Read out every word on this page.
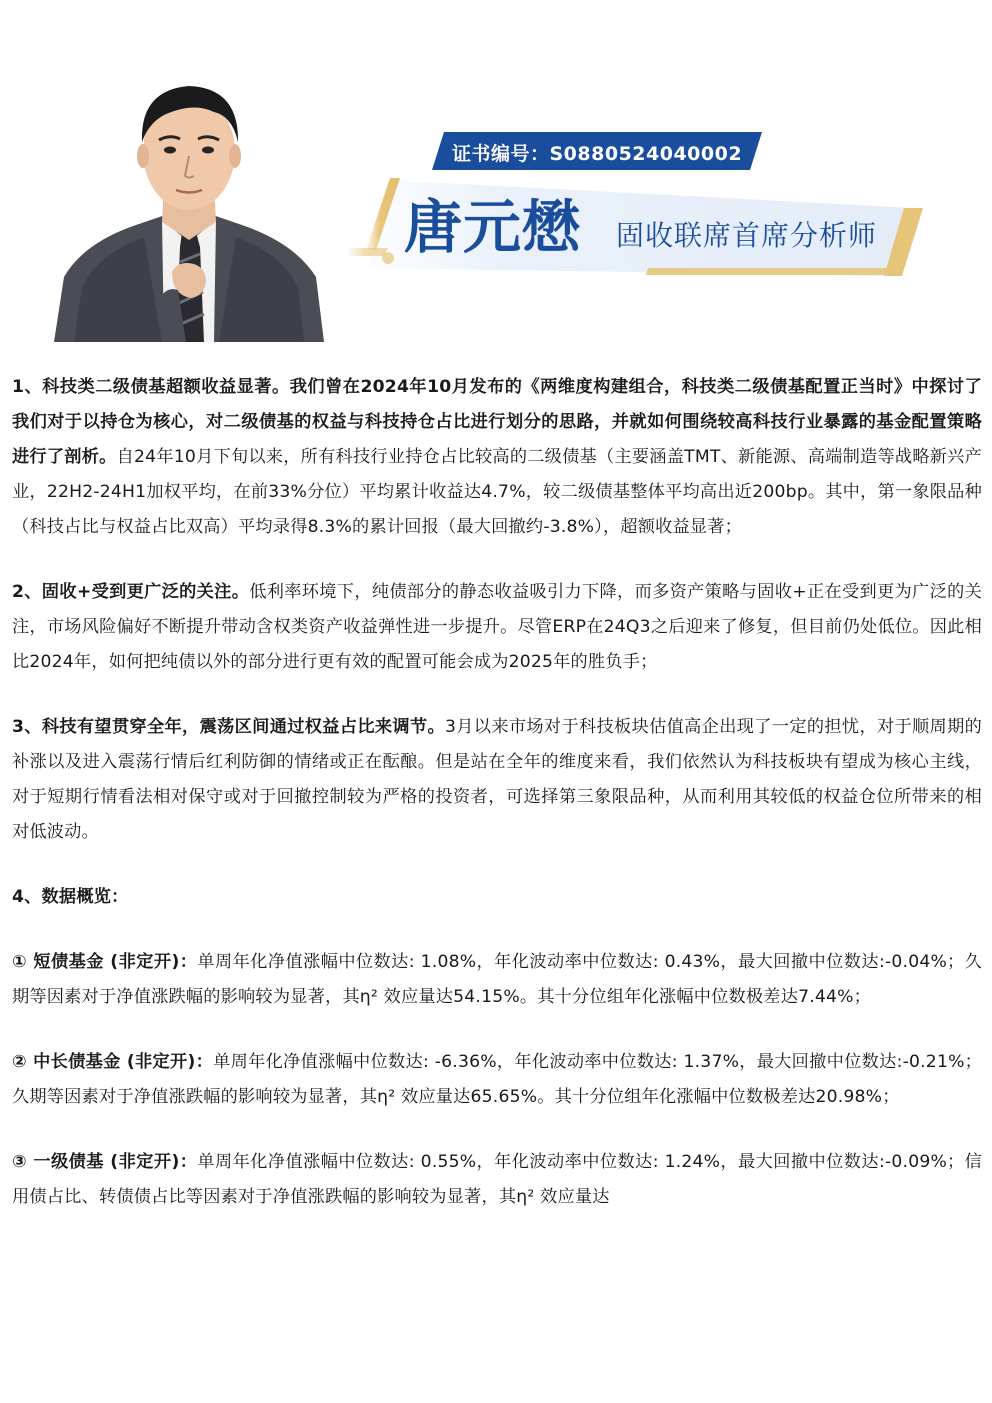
证书编号：S0880524040002
唐元懋 固收联席首席分析师

1、科技类二级债基超额收益显著。我们曾在2024年10月发布的《两维度构建组合，科技类二级债基配置正当时》中探讨了我们对于以持仓为核心，对二级债基的权益与科技持仓占比进行划分的思路，并就如何围绕较高科技行业暴露的基金配置策略进行了剖析。自24年10月下旬以来，所有科技行业持仓占比较高的二级债基（主要涵盖TMT、新能源、高端制造等战略新兴产业，22H2-24H1加权平均，在前33%分位）平均累计收益达4.7%，较二级债基整体平均高出近200bp。其中，第一象限品种（科技占比与权益占比双高）平均录得8.3%的累计回报（最大回撤约-3.8%），超额收益显著；

2、固收+受到更广泛的关注。低利率环境下，纯债部分的静态收益吸引力下降，而多资产策略与固收+正在受到更为广泛的关注，市场风险偏好不断提升带动含权类资产收益弹性进一步提升。尽管ERP在24Q3之后迎来了修复，但目前仍处低位。因此相比2024年，如何把纯债以外的部分进行更有效的配置可能会成为2025年的胜负手；

3、科技有望贯穿全年，震荡区间通过权益占比来调节。3月以来市场对于科技板块估值高企出现了一定的担忧，对于顺周期的补涨以及进入震荡行情后红利防御的情绪或正在酝酿。但是站在全年的维度来看，我们依然认为科技板块有望成为核心主线，对于短期行情看法相对保守或对于回撤控制较为严格的投资者，可选择第三象限品种，从而利用其较低的权益仓位所带来的相对低波动。

4、数据概览：

① 短债基金 (非定开)：单周年化净值涨幅中位数达: 1.08%，年化波动率中位数达: 0.43%，最大回撤中位数达:-0.04%；久期等因素对于净值涨跌幅的影响较为显著，其η² 效应量达54.15%。其十分位组年化涨幅中位数极差达7.44%；

② 中长债基金 (非定开)：单周年化净值涨幅中位数达: -6.36%，年化波动率中位数达: 1.37%，最大回撤中位数达:-0.21%；久期等因素对于净值涨跌幅的影响较为显著，其η² 效应量达65.65%。其十分位组年化涨幅中位数极差达20.98%；

③ 一级债基 (非定开)：单周年化净值涨幅中位数达: 0.55%，年化波动率中位数达: 1.24%，最大回撤中位数达:-0.09%；信用债占比、转债债占比等因素对于净值涨跌幅的影响较为显著，其η² 效应量达
